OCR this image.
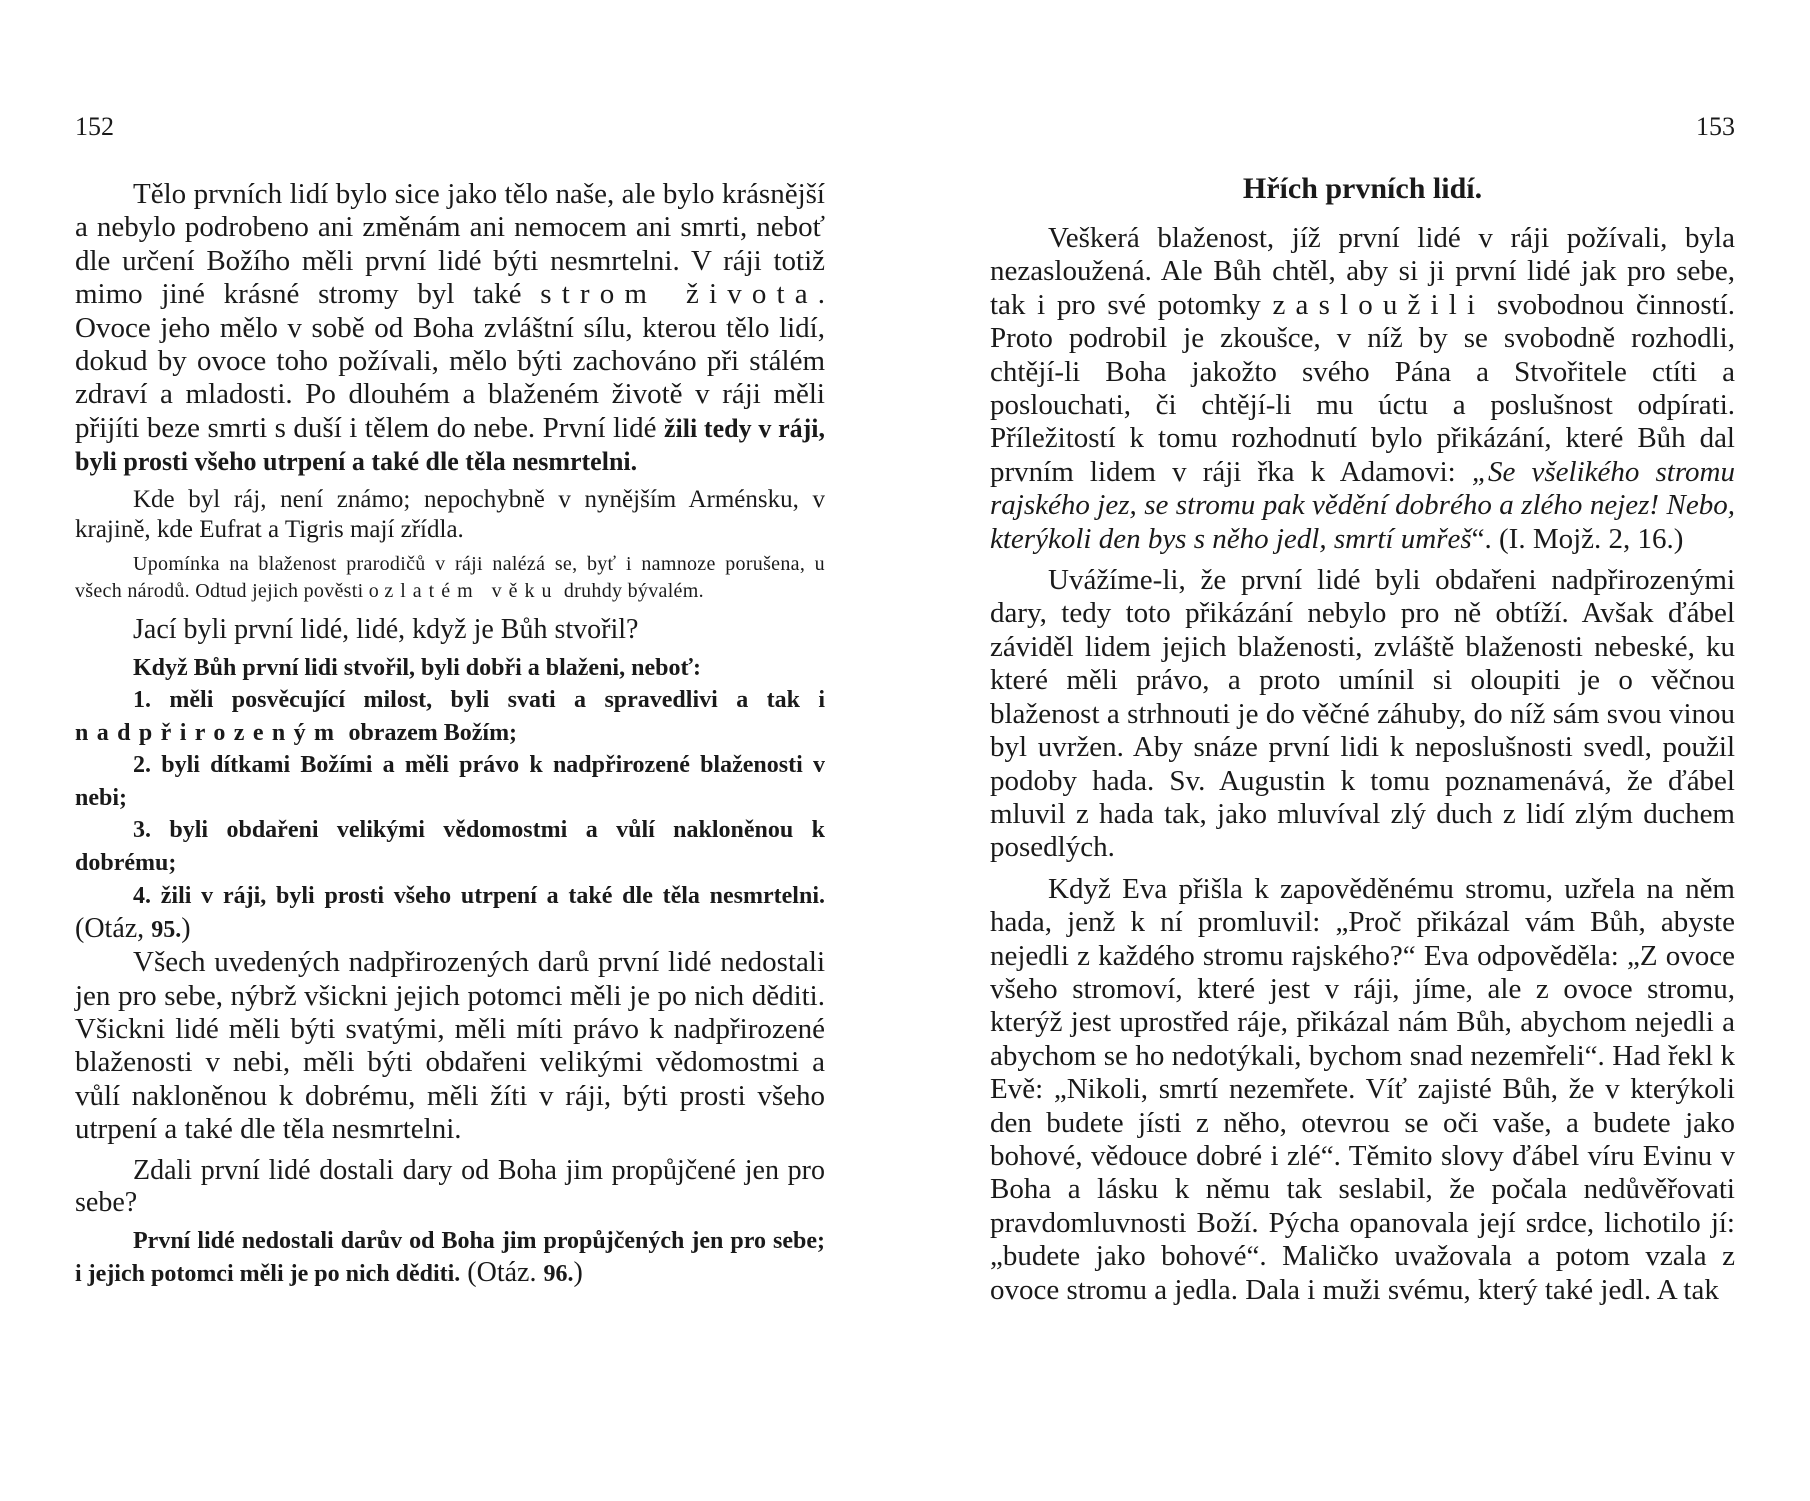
152

Tělo prvních lidí bylo sice jako tělo naše, ale bylo krásnější a nebylo podrobeno ani změnám ani nemocem ani smrti, neboť dle určení Božího měli první lidé býti nesmrtelni. V ráji totiž mimo jiné krásné stromy byl také strom života. Ovoce jeho mělo v sobě od Boha zvláštní sílu, kterou tělo lidí, dokud by ovoce toho požívali, mělo býti zachováno při stálém zdraví a mladosti. Po dlouhém a blaženém životě v ráji měli přijíti beze smrti s duší i tělem do nebe. První lidé žili tedy v ráji, byli prosti všeho utrpení a také dle těla nesmrtelni.

Kde byl ráj, není známo; nepochybně v nynějším Arménsku, v krajině, kde Eufrat a Tigris mají zřídla.

Upomínka na blaženost prarodičů v ráji nalézá se, byť i namnoze porušena, u všech národů. Odtud jejich pověsti o zlatém věku druhdy bývalém.

Jací byli první lidé, lidé, když je Bůh stvořil?

Když Bůh první lidi stvořil, byli dobři a blaženi, neboť:

1. měli posvěcující milost, byli svati a spravedlivi a tak i nadpřirozeným obrazem Božím;

2. byli dítkami Božími a měli právo k nadpřirozené blaženosti v nebi;

3. byli obdařeni velikými vědomostmi a vůlí nakloněnou k dobrému;

4. žili v ráji, byli prosti všeho utrpení a také dle těla nesmrtelni. (Otáz, 95.)

Všech uvedených nadpřirozených darů první lidé nedostali jen pro sebe, nýbrž všickni jejich potomci měli je po nich děditi. Všickni lidé měli býti svatými, měli míti právo k nadpřirozené blaženosti v nebi, měli býti obdařeni velikými vědomostmi a vůlí nakloněnou k dobrému, měli žíti v ráji, býti prosti všeho utrpení a také dle těla nesmrtelni.

Zdali první lidé dostali dary od Boha jim propůjčené jen pro sebe?

První lidé nedostali darův od Boha jim propůjčených jen pro sebe; i jejich potomci měli je po nich děditi. (Otáz. 96.)

153
Hřích prvních lidí.

Veškerá blaženost, jíž první lidé v ráji požívali, byla nezasloužená. Ale Bůh chtěl, aby si ji první lidé jak pro sebe, tak i pro své potomky zasloužili svobodnou činností. Proto podrobil je zkoušce, v níž by se svobodně rozhodli, chtějí-li Boha jakožto svého Pána a Stvořitele ctíti a poslouchati, či chtějí-li mu úctu a poslušnost odpírati. Příležitostí k tomu rozhodnutí bylo přikázání, které Bůh dal prvním lidem v ráji řka k Adamovi: „Se všelikého stromu rajského jez, se stromu pak vědění dobrého a zlého nejez! Nebo, kterýkoli den bys s něho jedl, smrtí umřeš“. (I. Mojž. 2, 16.)

Uvážíme-li, že první lidé byli obdařeni nadpřirozenými dary, tedy toto přikázání nebylo pro ně obtíží. Avšak ďábel záviděl lidem jejich blaženosti, zvláště blaženosti nebeské, ku které měli právo, a proto umínil si oloupiti je o věčnou blaženost a strhnouti je do věčné záhuby, do níž sám svou vinou byl uvržen. Aby snáze první lidi k neposlušnosti svedl, použil podoby hada. Sv. Augustin k tomu poznamenává, že ďábel mluvil z hada tak, jako mluvíval zlý duch z lidí zlým duchem posedlých.

Když Eva přišla k zapověděnému stromu, uzřela na něm hada, jenž k ní promluvil: „Proč přikázal vám Bůh, abyste nejedli z každého stromu rajského?“ Eva odpověděla: „Z ovoce všeho stromoví, které jest v ráji, jíme, ale z ovoce stromu, kterýž jest uprostřed ráje, přikázal nám Bůh, abychom nejedli a abychom se ho nedotýkali, bychom snad nezemřeli“. Had řekl k Evě: „Nikoli, smrtí nezemřete. Víť zajisté Bůh, že v kterýkoli den budete jísti z něho, otevrou se oči vaše, a budete jako bohové, vědouce dobré i zlé“. Těmito slovy ďábel víru Evinu v Boha a lásku k němu tak seslabil, že počala nedůvěřovati pravdomluvnosti Boží. Pýcha opanovala její srdce, lichotilo jí: „budete jako bohové“. Maličko uvažovala a potom vzala z ovoce stromu a jedla. Dala i muži svému, který také jedl. A tak
